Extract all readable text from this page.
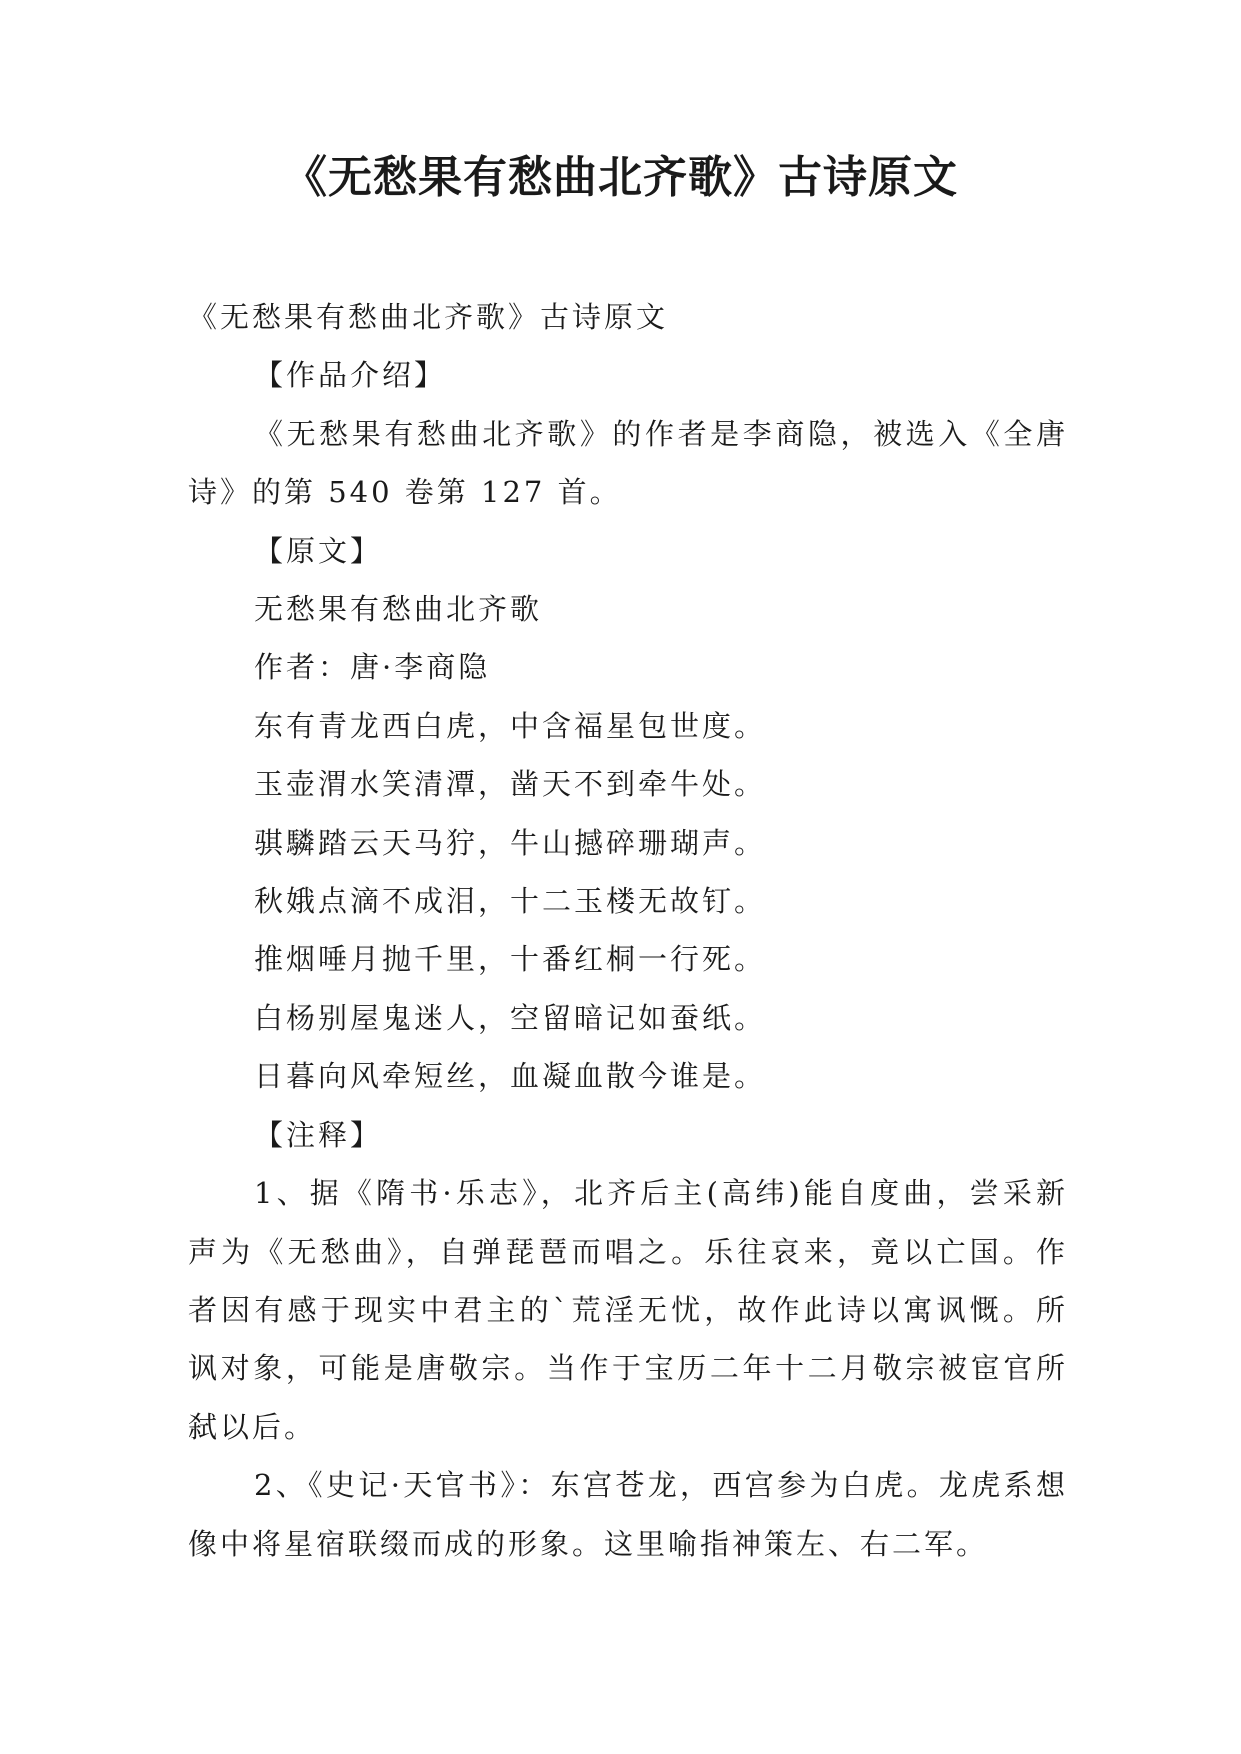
《无愁果有愁曲北齐歌》古诗原文

《无愁果有愁曲北齐歌》古诗原文

【作品介绍】

《无愁果有愁曲北齐歌》的作者是李商隐，被选入《全唐诗》的第 540 卷第 127 首。

【原文】

无愁果有愁曲北齐歌

作者：唐·李商隐

东有青龙西白虎，中含福星包世度。

玉壶渭水笑清潭，凿天不到牵牛处。

骐驎踏云天马狞，牛山撼碎珊瑚声。

秋娥点滴不成泪，十二玉楼无故钉。

推烟唾月抛千里，十番红桐一行死。

白杨别屋鬼迷人，空留暗记如蚕纸。

日暮向风牵短丝，血凝血散今谁是。

【注释】

1、据《隋书·乐志》，北齐后主(高纬)能自度曲，尝采新声为《无愁曲》，自弹琵琶而唱之。乐往哀来，竟以亡国。作者因有感于现实中君主的`荒淫无忧，故作此诗以寓讽慨。所讽对象，可能是唐敬宗。当作于宝历二年十二月敬宗被宦官所弑以后。

2、《史记·天官书》：东宫苍龙，西宫参为白虎。龙虎系想像中将星宿联缀而成的形象。这里喻指神策左、右二军。
